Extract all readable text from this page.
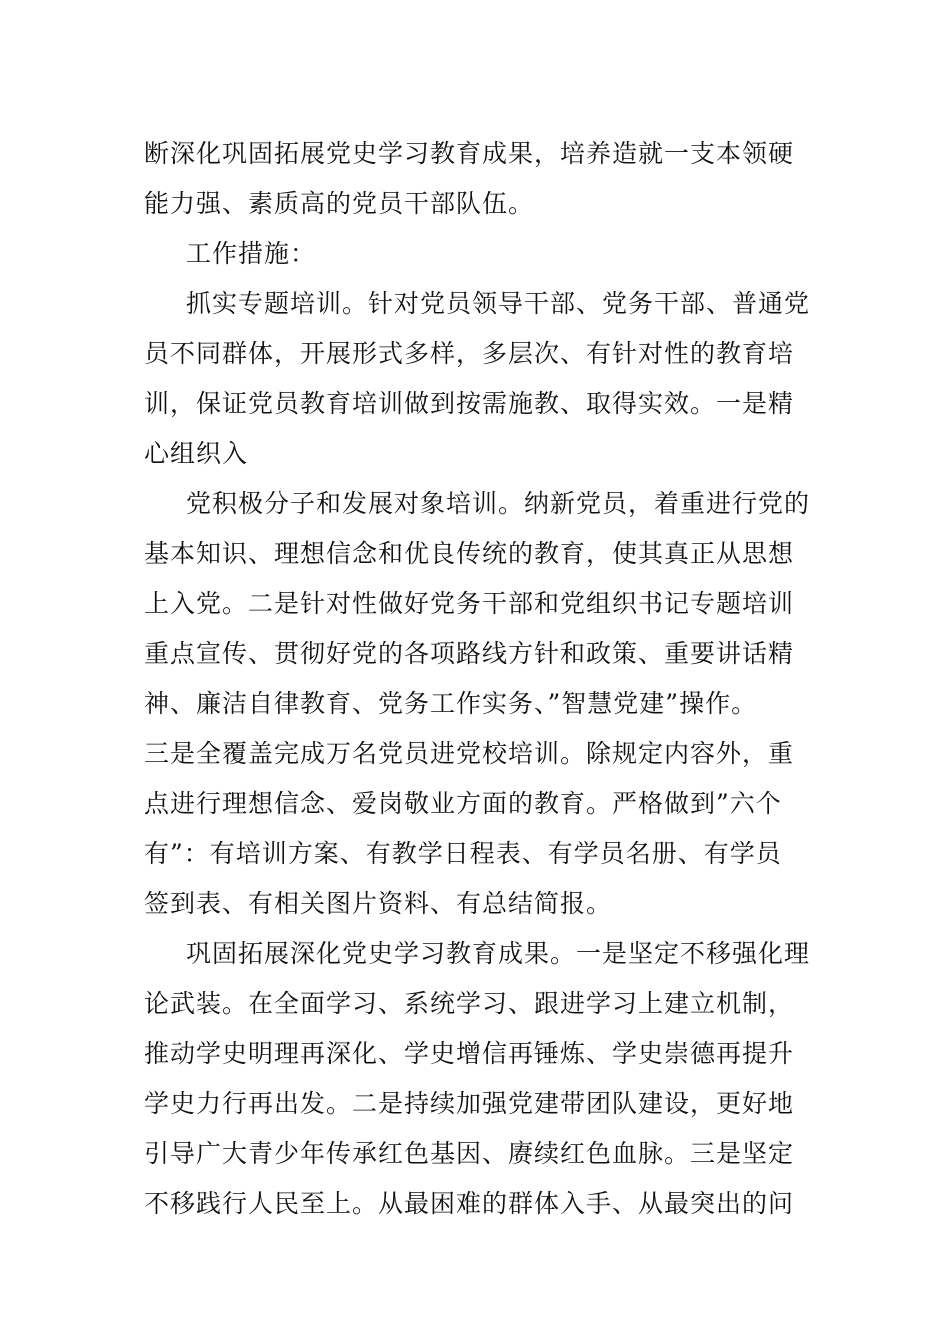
断深化巩固拓展党史学习教育成果，培养造就一支本领硬
能力强、素质高的党员干部队伍。
工作措施：
抓实专题培训。针对党员领导干部、党务干部、普通党
员不同群体，开展形式多样，多层次、有针对性的教育培
训，保证党员教育培训做到按需施教、取得实效。一是精
心组织入
党积极分子和发展对象培训。纳新党员，着重进行党的
基本知识、理想信念和优良传统的教育，使其真正从思想
上入党。二是针对性做好党务干部和党组织书记专题培训
重点宣传、贯彻好党的各项路线方针和政策、重要讲话精
神、廉洁自律教育、党务工作实务、”智慧党建”操作。
三是全覆盖完成万名党员进党校培训。除规定内容外，重
点进行理想信念、爱岗敬业方面的教育。严格做到”六个
有”：有培训方案、有教学日程表、有学员名册、有学员
签到表、有相关图片资料、有总结简报。
巩固拓展深化党史学习教育成果。一是坚定不移强化理
论武装。在全面学习、系统学习、跟进学习上建立机制，
推动学史明理再深化、学史增信再锤炼、学史崇德再提升
学史力行再出发。二是持续加强党建带团队建设，更好地
引导广大青少年传承红色基因、赓续红色血脉。三是坚定
不移践行人民至上。从最困难的群体入手、从最突出的问
